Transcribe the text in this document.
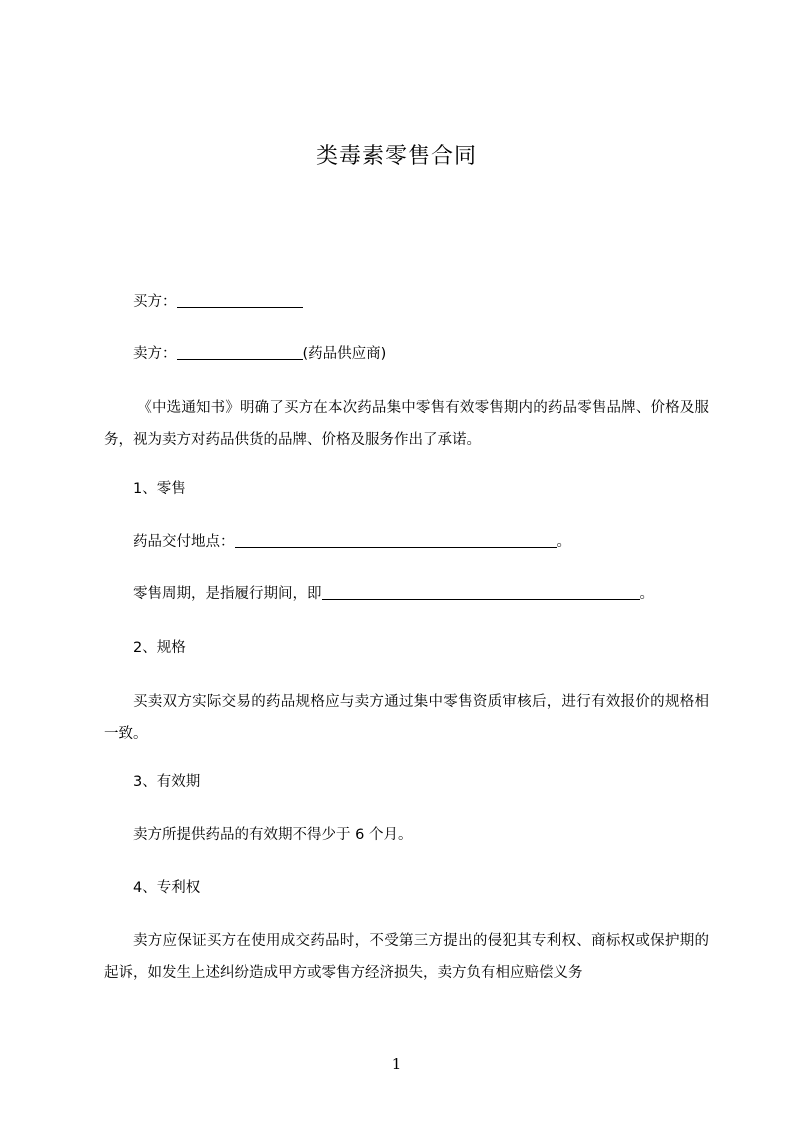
类毒素零售合同
买方：
卖方：	(药品供应商)
《中选通知书》明确了买方在本次药品集中零售有效零售期内的药品零售品牌、价格及服务，视为卖方对药品供货的品牌、价格及服务作出了承诺。
1、零售
药品交付地点：	。
零售周期，是指履行期间，即	。
2、规格
买卖双方实际交易的药品规格应与卖方通过集中零售资质审核后，进行有效报价的规格相一致。
3、有效期
卖方所提供药品的有效期不得少于 6 个月。
4、专利权
卖方应保证买方在使用成交药品时，不受第三方提出的侵犯其专利权、商标权或保护期的起诉，如发生上述纠纷造成甲方或零售方经济损失，卖方负有相应赔偿义务
1
